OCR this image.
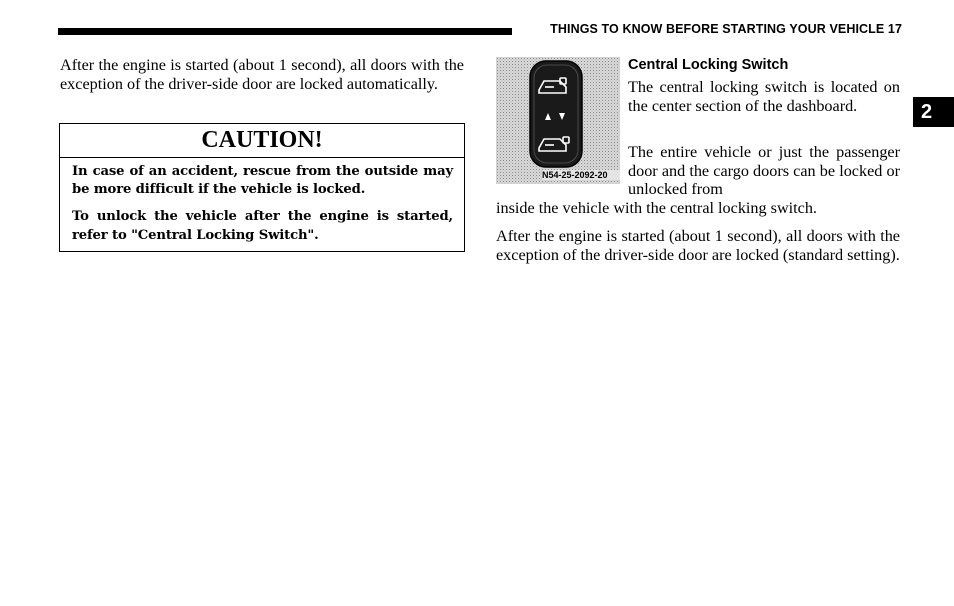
THINGS TO KNOW BEFORE STARTING YOUR VEHICLE 17
2

After the engine is started (about 1 second), all doors with the exception of the driver-side door are locked automatically.

CAUTION!

In case of an accident, rescue from the outside may be more difficult if the vehicle is locked.

To unlock the vehicle after the engine is started, refer to "Central Locking Switch".

N54-25-2092-20
Central Locking Switch

The central locking switch is located on the center section of the dashboard.

The entire vehicle or just the passenger door and the cargo doors can be locked or unlocked from

inside the vehicle with the central locking switch.

After the engine is started (about 1 second), all doors with the exception of the driver-side door are locked (standard setting).
